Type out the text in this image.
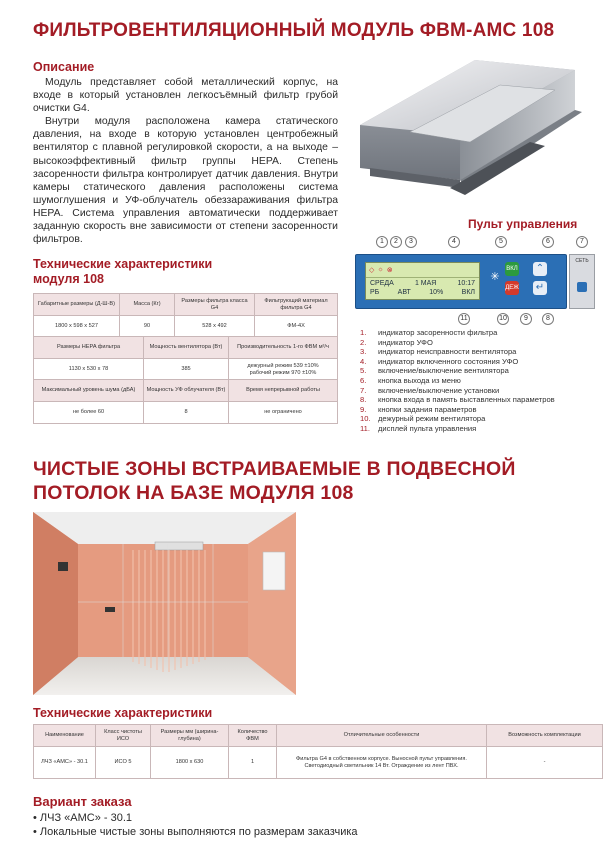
ФИЛЬТРОВЕНТИЛЯЦИОННЫЙ МОДУЛЬ ФВМ-АМС 108
Описание

Модуль представляет собой металлический корпус, на входе в который установлен легкосъёмный фильтр грубой очистки G4.

Внутри модуля расположена камера статического давления, на входе в которую установлен центробежный вентилятор с плавной регулировкой скорости, а на выходе – высокоэффективный фильтр группы HEPA. Степень засоренности фильтра контролирует датчик давления. Внутри камеры статического давления расположены система шумоглушения и УФ-облучатель обеззараживания фильтра HEPA. Система управления автоматически поддерживает заданную скорость вне зависимости от степени засоренности фильтров.

Технические характеристики
модуля 108
Габаритные размеры (Д-Ш-В)	Масса (Кг)	Размеры фильтра класса G4	Фильтрующий материал фильтра G4
1800 х 598 х 527	90	528 х 492	ФМ-4Х
Размеры HEPA фильтра	Мощность вентилятора (Вт)	Производительность 1-го ФВМ м³/ч
1130 х 530 х 78	385	дежурный режим 539 ±10%
рабочий режим 970 ±10%
Максимальный уровень шума (дБА)	Мощность УФ облучателя (Вт)	Время непрерывной работы
не более 60	8	не ограничено
Пульт управления
1	2	3	4	5	6	7
СЕТЬ
◇ ☼ ⊗
СРЕДА	1 МАЯ	10:17
РБ	АВТ	10%	ВКЛ
✳
ВКЛ
ДЕЖ
⌃
↵
11	10	9	8
1. индикатор засоренности фильтра
2. индикатор УФО
3. индикатор неисправности вентилятора
4. индикатор включенного состояния УФО
5. включение/выключение вентилятора
6. кнопка выхода из меню
7. включение/выключение установки
8. кнопка входа в память выставленных параметров
9. кнопки задания параметров
10. дежурный режим вентилятора
11. дисплей пульта управления
ЧИСТЫЕ ЗОНЫ ВСТРАИВАЕМЫЕ В ПОДВЕСНОЙ
ПОТОЛОК НА БАЗЕ МОДУЛЯ 108
Технические характеристики
Наименование	Класс чистоты ИСО	Размеры мм (ширина-глубина)	Количество ФВМ	Отличительные особенности	Возможность комплектации
ЛЧЗ «АМС» - 30.1	ИСО 5	1800 х 630	1	Фильтра G4 в собственном корпусе. Выносной пульт управления. Светодиодный светильник 14 Вт. Ограждение из лент ПВХ.	-
Вариант заказа
• ЛЧЗ «АМС» - 30.1
• Локальные чистые зоны выполняются по размерам заказчика
